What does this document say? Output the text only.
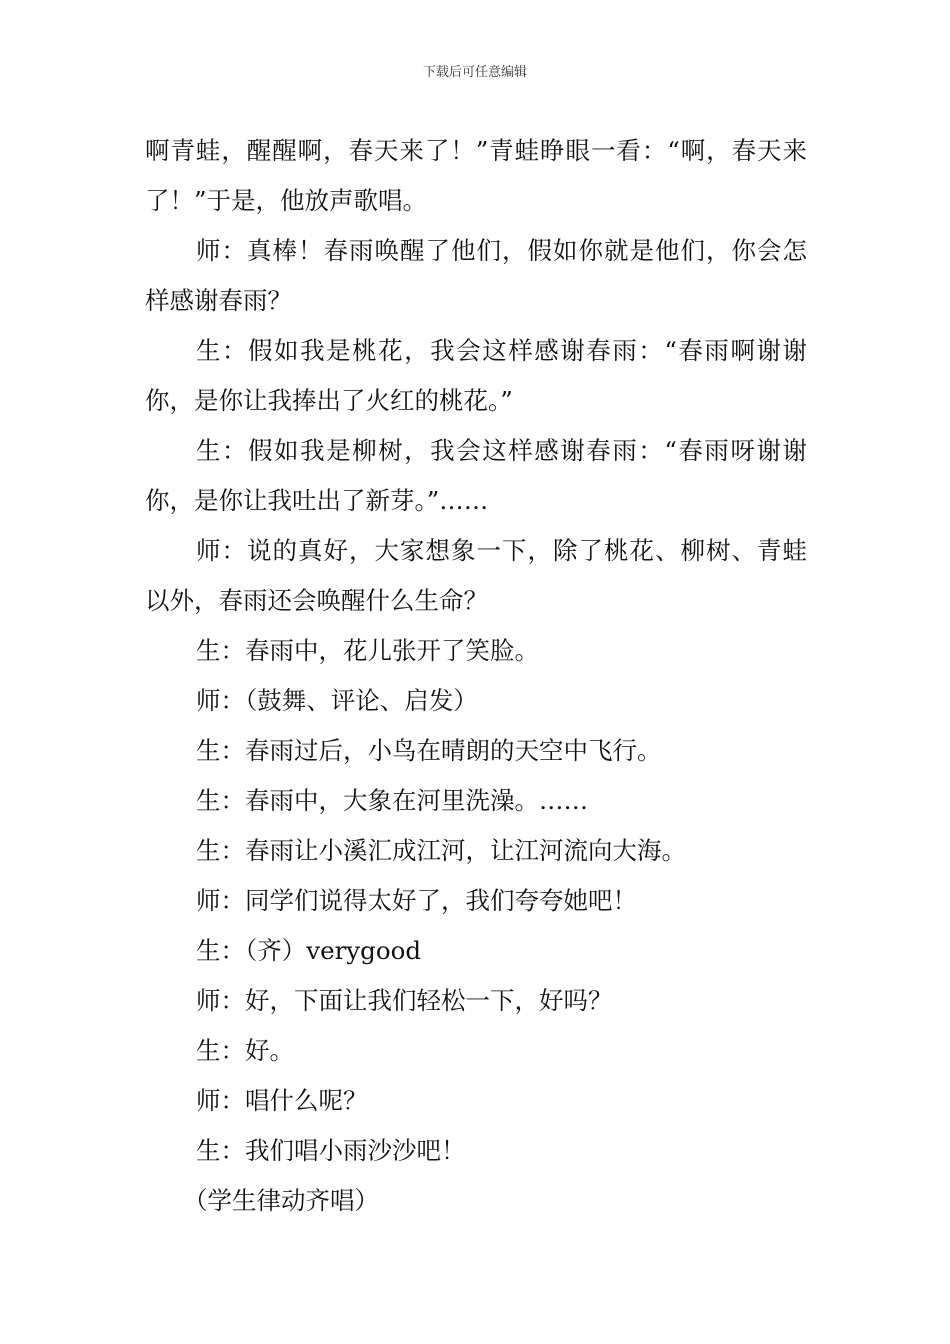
下载后可任意编辑

啊青蛙，醒醒啊，春天来了！”青蛙睁眼一看：“啊，春天来了！”于是，他放声歌唱。

师：真棒！春雨唤醒了他们，假如你就是他们，你会怎样感谢春雨？

生：假如我是桃花，我会这样感谢春雨：“春雨啊谢谢你，是你让我捧出了火红的桃花。”

生：假如我是柳树，我会这样感谢春雨：“春雨呀谢谢你，是你让我吐出了新芽。”……

师：说的真好，大家想象一下，除了桃花、柳树、青蛙以外，春雨还会唤醒什么生命？

生：春雨中，花儿张开了笑脸。

师：（鼓舞、评论、启发）

生：春雨过后，小鸟在晴朗的天空中飞行。

生：春雨中，大象在河里洗澡。……

生：春雨让小溪汇成江河，让江河流向大海。

师：同学们说得太好了，我们夸夸她吧！

生：（齐）verygood

师：好，下面让我们轻松一下，好吗？

生：好。

师：唱什么呢？

生：我们唱小雨沙沙吧！

（学生律动齐唱）
